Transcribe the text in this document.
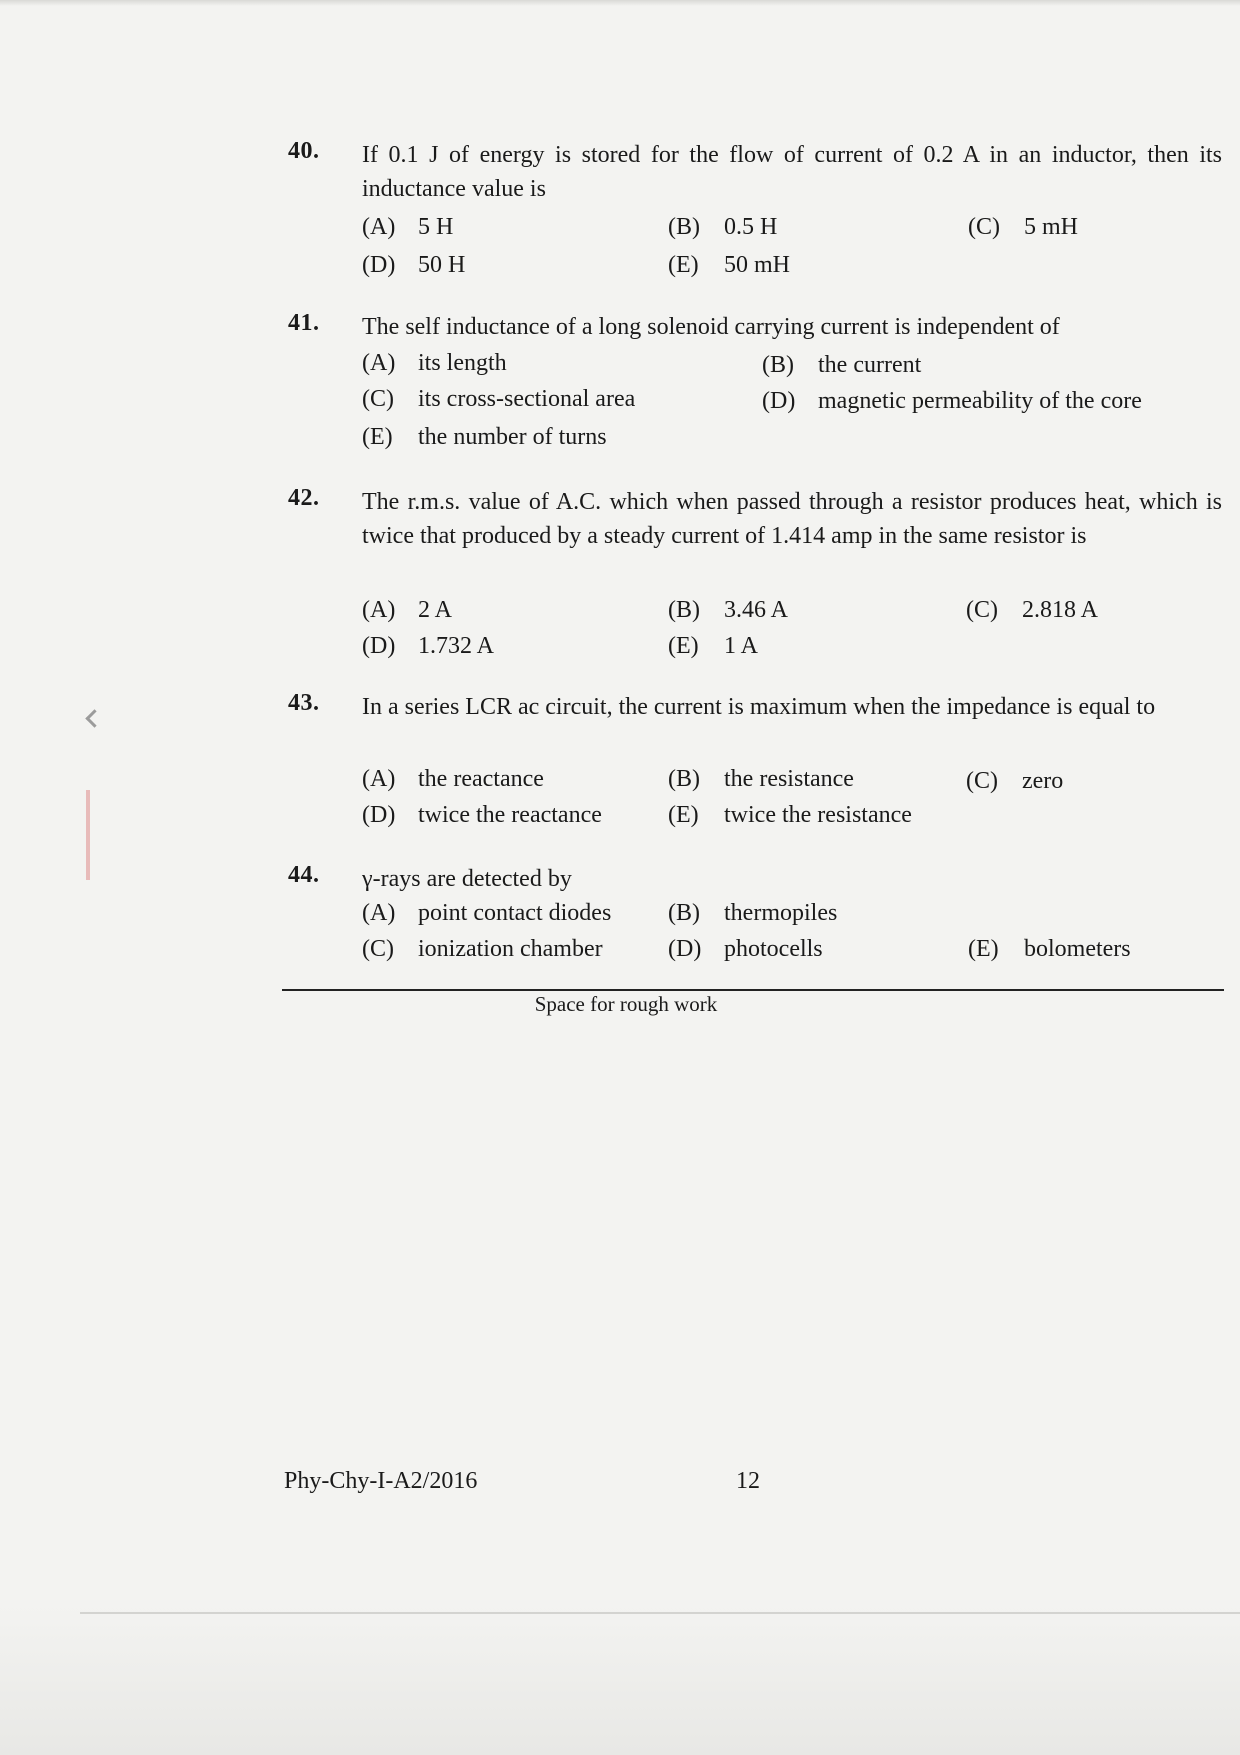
40. If 0.1 J of energy is stored for the flow of current of 0.2 A in an inductor, then its inductance value is
(A) 5 H	(B) 0.5 H	(C) 5 mH
(D) 50 H	(E) 50 mH
41. The self inductance of a long solenoid carrying current is independent of
(A) its length	(B) the current
(C) its cross-sectional area	(D) magnetic permeability of the core
(E) the number of turns
42. The r.m.s. value of A.C. which when passed through a resistor produces heat, which is twice that produced by a steady current of 1.414 amp in the same resistor is
(A) 2 A	(B) 3.46 A	(C) 2.818 A
(D) 1.732 A	(E) 1 A
43. In a series LCR ac circuit, the current is maximum when the impedance is equal to
(A) the reactance	(B) the resistance	(C) zero
(D) twice the reactance	(E) twice the resistance
44. γ-rays are detected by
(A) point contact diodes (B) thermopiles
(C) ionization chamber	(D) photocells	(E) bolometers
Space for rough work
Phy-Chy-I-A2/2016	12
